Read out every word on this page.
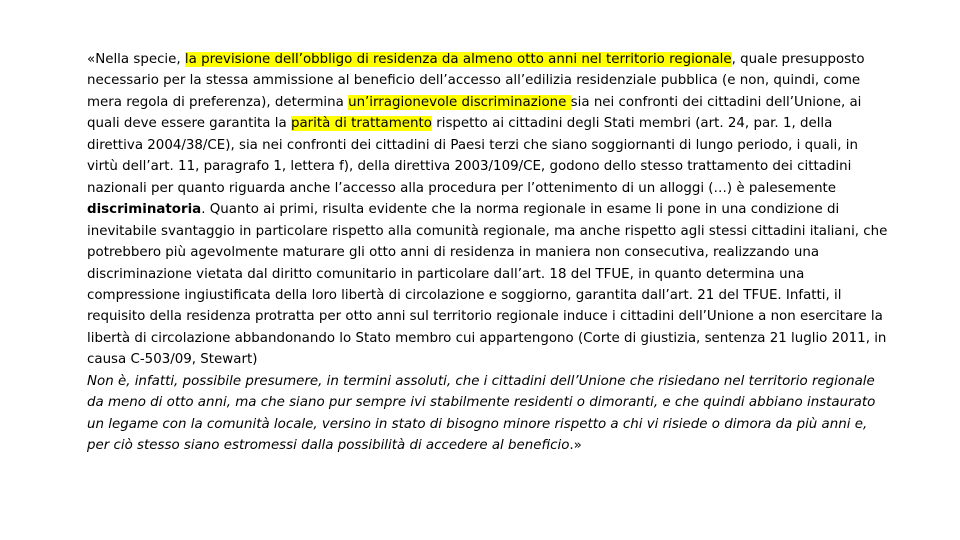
«Nella specie, la previsione dell’obbligo di residenza da almeno otto anni nel territorio regionale, quale presupposto necessario per la stessa ammissione al beneficio dell’accesso all’edilizia residenziale pubblica (e non, quindi, come mera regola di preferenza), determina un’irragionevole discriminazione sia nei confronti dei cittadini dell’Unione, ai quali deve essere garantita la parità di trattamento rispetto ai cittadini degli Stati membri (art. 24, par. 1, della direttiva 2004/38/CE), sia nei confronti dei cittadini di Paesi terzi che siano soggiornanti di lungo periodo, i quali, in virtù dell’art. 11, paragrafo 1, lettera f), della direttiva 2003/109/CE, godono dello stesso trattamento dei cittadini nazionali per quanto riguarda anche l’accesso alla procedura per l’ottenimento di un alloggi (…) è palesemente discriminatoria. Quanto ai primi, risulta evidente che la norma regionale in esame li pone in una condizione di inevitabile svantaggio in particolare rispetto alla comunità regionale, ma anche rispetto agli stessi cittadini italiani, che potrebbero più agevolmente maturare gli otto anni di residenza in maniera non consecutiva, realizzando una discriminazione vietata dal diritto comunitario in particolare dall’art. 18 del TFUE, in quanto determina una compressione ingiustificata della loro libertà di circolazione e soggiorno, garantita dall’art. 21 del TFUE. Infatti, il requisito della residenza protratta per otto anni sul territorio regionale induce i cittadini dell’Unione a non esercitare la libertà di circolazione abbandonando lo Stato membro cui appartengono (Corte di giustizia, sentenza 21 luglio 2011, in causa C-503/09, Stewart)

Non è, infatti, possibile presumere, in termini assoluti, che i cittadini dell’Unione che risiedano nel territorio regionale da meno di otto anni, ma che siano pur sempre ivi stabilmente residenti o dimoranti, e che quindi abbiano instaurato un legame con la comunità locale, versino in stato di bisogno minore rispetto a chi vi risiede o dimora da più anni e, per ciò stesso siano estromessi dalla possibilità di accedere al beneficio.»
